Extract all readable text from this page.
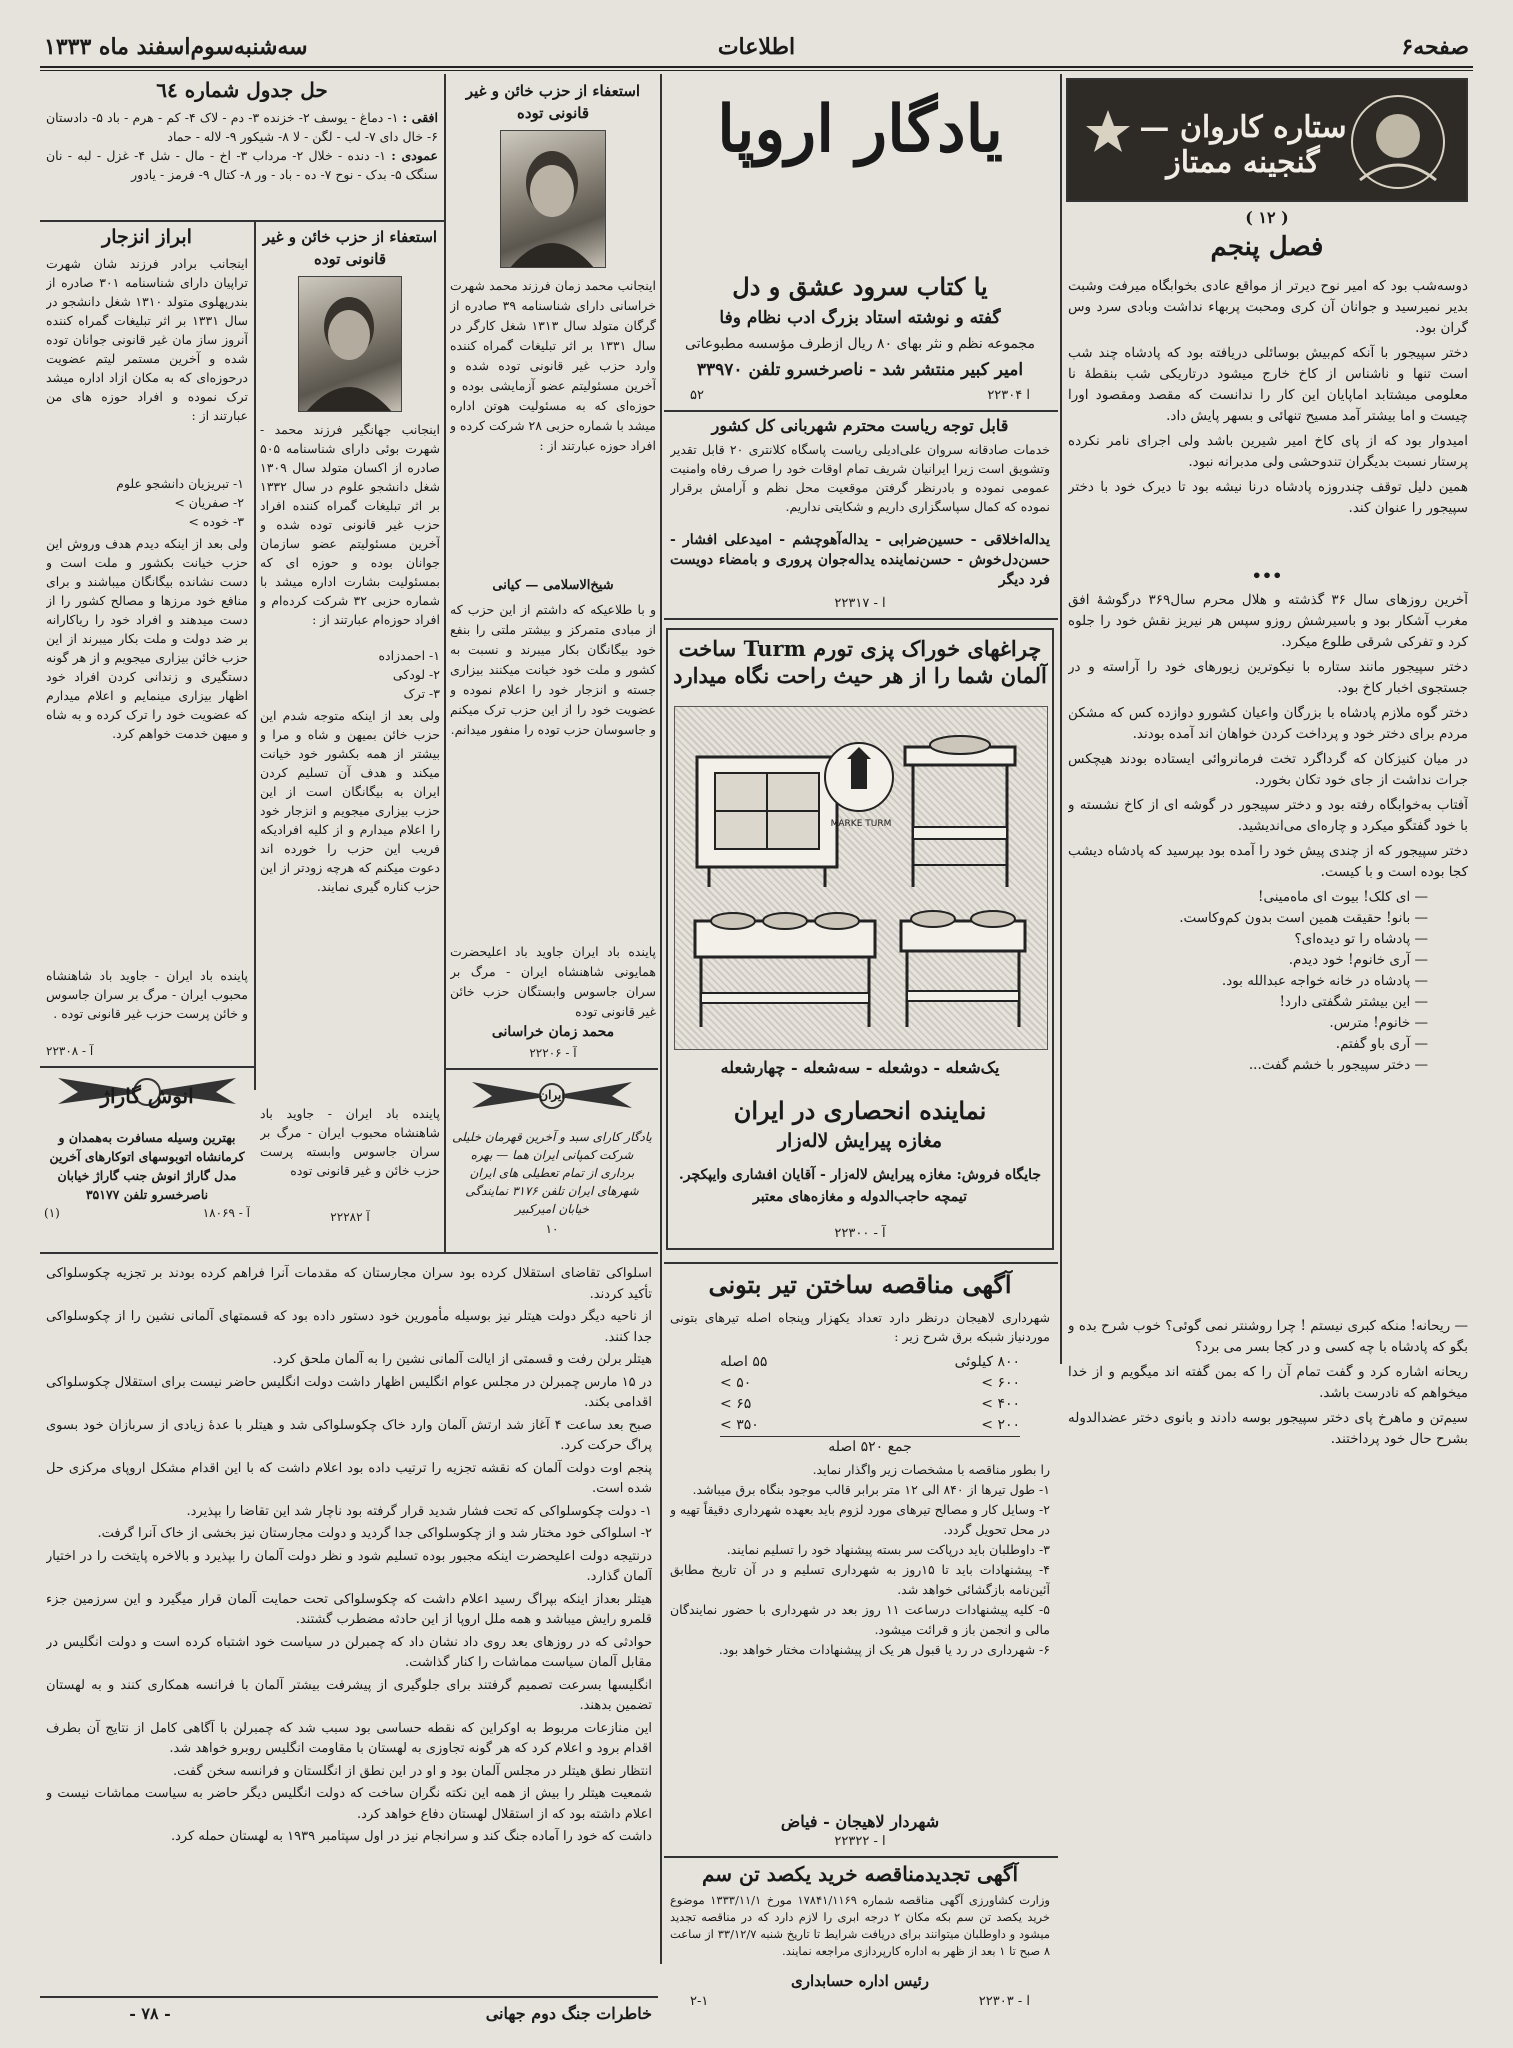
صفحه۶
اطلاعات
سه‌شنبه‌سوم‌اسفند ماه ۱۳۳۳
ستاره کاروان — گنجینه ممتاز
( ۱۲ )
فصل پنجم

دوسه‌شب بود که امیر نوح دیرتر از مواقع عادی بخوابگاه میرفت وشبت بدیر نمیرسید و جوانان آن کری ومحبت پربهاء نداشت وبادی سرد وس گران بود.

دختر سپیجور با آنکه کم‌بیش بوسائلی دریافته بود که پادشاه چند شب است تنها و ناشناس از کاخ خارج میشود درتاریکی شب بنقطهٔ نا معلومی میشتابد اماپایان این کار را ندانست که مقصد ومقصود اورا چیست و اما بیشتر آمد مسیح تنهائی و بسهر پایش داد.

امیدوار بود که از پای کاخ امیر شیرین باشد ولی اجرای نامر نکرده پرستار نسبت بدیگران تندوحشی ولی مدبرانه نبود.

همین دلیل توقف چندروزه پادشاه درنا نیشه بود تا دیرک خود با دختر سپیجور را عنوان کند.

•••

آخرین روزهای سال ۳۶ گذشته و هلال محرم سال۳۶۹ درگوشهٔ افق مغرب آشکار بود و باسیرشش روزو سپس هر نیریز نقش خود را جلوه کرد و تفرکی شرقی طلوع میکرد.

دختر سپیجور مانند ستاره با نیکوترین زیورهای خود را آراسته و در جستجوی اخبار کاخ بود.

دختر گوه ملازم پادشاه با بزرگان واعیان کشورو دوازده کس که مشکن مردم برای دختر خود و پرداخت کردن خواهان اند آمده بودند.

در میان کنیزکان که گرداگرد تخت فرمانروائی ایستاده بودند هیچکس جرات نداشت از جای خود تکان بخورد.

آفتاب به‌خوابگاه رفته بود و دختر سپیجور در گوشه ای از کاخ نشسته و با خود گفتگو میکرد و چاره‌ای می‌اندیشید.

دختر سپیجور که از چندی پیش خود را آمده بود بپرسید که پادشاه دیشب کجا بوده است و با کیست.

— ای کلک! بیوت ای ماه‌مینی!
— بانو! حقیقت همین است بدون کم‌وکاست.
— پادشاه را تو دیده‌ای؟
— آری خانوم! خود دیدم.
— پادشاه در خانه خواجه عبدالله بود.
— این بیشتر شگفتی دارد!
— خانوم! مترس.
— آری باو گفتم.
— دختر سپیجور با خشم گفت...

— ریحانه! منکه کبری نیستم ! چرا روشنتر نمی گوئی؟ خوب شرح بده و بگو که پادشاه با چه کسی و در کجا بسر می برد؟

ریحانه اشاره کرد و گفت تمام آن را که بمن گفته اند میگویم و از خدا میخواهم که نادرست باشد.

سیم‌تن و ماهرخ پای دختر سپیجور بوسه دادند و بانوی دختر عضدالدوله بشرح حال خود پرداختند.

یادگار اروپا
یا کتاب سرود عشق و دل
گفته و نوشته استاد بزرگ ادب نظام وفا
مجموعه نظم و نثر بهای ۸۰ ریال ازطرف مؤسسه مطبوعاتی
امیر کبیر منتشر شد - ناصرخسرو تلفن ۳۳۹۷۰
آ ۲۲۳۰۴
۵۲
قابل توجه ریاست محترم شهربانی کل کشور
خدمات صادقانه سروان علی‌ادیلی ریاست پاسگاه کلانتری ۲۰ قابل تقدیر وتشویق است زیرا ایرانیان شریف تمام اوقات خود را صرف رفاه وامنیت عمومی نموده و بادرنظر گرفتن موقعیت محل نظم و آرامش برقرار نموده که کمال سپاسگزاری داریم و شکایتی نداریم.
یداله‌اخلاقی - حسین‌ضرابی - یداله‌آهو‌چشم - امیدعلی افشار - حسن‌دل‌خوش - حسن‌نماینده یداله‌جوان پروری و بامضاء دویست فرد دیگر
آ - ۲۲۳۱۷
چراغهای خوراک پزی تورم Turm ساخت
آلمان شما را از هر حیث راحت نگاه میدارد
MARKE TURM
یک‌شعله - دوشعله - سه‌شعله - چهارشعله
نماینده انحصاری در ایران
مغازه پیرایش لاله‌زار
جایگاه فروش: مغازه پیرایش لاله‌زار - آقایان افشاری وایپکچر. تیمچه حاجب‌الدوله و مغازه‌های معتبر
آ - ۲۲۳۰۰
آگهی مناقصه ساختن تیر بتونی
شهرداری لاهیجان درنظر دارد تعداد یکهزار وپنجاه اصله تیرهای بتونی موردنیاز شبکه برق شرح زیر :
۸۰۰ کیلوئی
۵۵ اصله
۶۰۰ >
۵۰ >
۴۰۰ >
۶۵ >
۲۰۰ >
۳۵۰ >
جمع ۵۲۰ اصله
را بطور مناقصه با مشخصات زیر واگذار نماید.
۱- طول تیرها از ۸۴۰ الی ۱۲ متر برابر قالب موجود بنگاه برق میباشد.
۲- وسایل کار و مصالح تیرهای مورد لزوم باید بعهده شهرداری دقیقاً تهیه و در محل تحویل گردد.
۳- داوطلبان باید درپاکت سر بسته پیشنهاد خود را تسلیم نمایند.
۴- پیشنهادات باید تا ۱۵روز به شهرداری تسلیم و در آن تاریخ مطابق آئین‌نامه بازگشائی خواهد شد.
۵- کلیه پیشنهادات درساعت ۱۱ روز بعد در شهرداری با حضور نمایندگان مالی و انجمن باز و قرائت میشود.
۶- شهرداری در رد یا قبول هر یک از پیشنهادات مختار خواهد بود.
شهردار لاهیجان - فیاض
ا - ۲۲۳۲۲
آگهی تجدیدمناقصه خرید یکصد تن سم
وزارت کشاورزی آگهی مناقصه شماره ۱۷۸۴۱/۱۱۶۹ مورخ ۱۳۳۳/۱۱/۱ موضوع خرید یکصد تن سم بکه مکان ۲ درجه ابری را لازم دارد که در مناقصه تجدید میشود و داوطلبان میتوانند برای دریافت شرایط تا تاریخ شنبه ۳۳/۱۲/۷ از ساعت ۸ صبح تا ۱ بعد از ظهر به اداره کارپردازی مراجعه نمایند.
رئیس اداره حسابداری
آ - ۲۲۳۰۳
۲-۱
استعفاء از حزب خائن و غیر قانونی توده
اینجانب محمد زمان فرزند محمد شهرت خراسانی دارای شناسنامه ۳۹ صادره از گرگان متولد سال ۱۳۱۳ شغل کارگر در سال ۱۳۳۱ بر اثر تبلیغات گمراه کننده وارد حزب غیر قانونی توده شده و آخرین مسئولیتم عضو آزمایشی بوده و حوزه‌ای که به مسئولیت هوتن اداره میشد با شماره حزبی ۲۸ شرکت کرده و افراد حوزه عبارتند از :
شیخ‌الاسلامی — کیانی
و با طلاعیکه که داشتم از این حزب که از مبادی متمرکز و بیشتر ملتی را بنفع خود بیگانگان بکار میبرند و نسبت به کشور و ملت خود خیانت میکنند بیزاری جسته و انزجار خود را اعلام نموده و عضویت خود را از این حزب ترک میکنم و جاسوسان حزب توده را منفور میدانم.
پاینده باد ایران جاوید باد اعلیحضرت همایونی شاهنشاه ایران - مرگ بر سران جاسوس وابستگان حزب خائن غیر قانونی توده
محمد زمان خراسانی
آ - ۲۲۲۰۶
ایران
یادگار کارای سبد و آخرین قهرمان خلیلی شرکت کمپانی ایران هما — بهره برداری از تمام تعطیلی های ایران شهرهای ایران تلفن ۳۱۷۶ نمایندگی خیابان امیرکبیر
۱۰
حل جدول شماره ٦٤
افقی : ۱- دماغ - یوسف ۲- خزنده ۳- دم - لاک ۴- کم - هرم - باد ۵- دادستان ۶- خال دای ۷- لب - لگن - لا ۸- شیکور ۹- لاله - حماد
عمودی : ۱- دنده - خلال ۲- مرداب ۳- اخ - مال - شل ۴- غزل - لبه - نان سنگک ۵- بدک - نوح ۷- ده - باد - ور ۸- کتال ۹- فرمز - یادور
استعفاء از حزب خائن و غیر قانونی توده
اینجانب جهانگیر فرزند محمد - شهرت بوئی دارای شناسنامه ۵۰۵ صادره از اکسان متولد سال ۱۳۰۹ شغل دانشجو علوم در سال ۱۳۳۲ بر اثر تبلیغات گمراه کننده افراد حزب غیر قانونی توده شده و آخرین مسئولیتم عضو سازمان جوانان بوده و حوزه ای که بمسئولیت بشارت اداره میشد با شماره حزبی ۳۲ شرکت کرده‌ام و افراد حوزه‌ام عبارتند از :
۱- احمدزاده
۲- لودکی
۳- ترک
ولی بعد از اینکه متوجه شدم این حزب خائن بمیهن و شاه و مرا و بیشتر از همه بکشور خود خیانت میکند و هدف آن تسلیم کردن ایران به بیگانگان است از این حزب بیزاری میجویم و انزجار خود را اعلام میدارم و از کلیه افرادیکه فریب این حزب را خورده اند دعوت میکنم که هرچه زودتر از این حزب کناره گیری نمایند.
پاینده باد ایران - جاوید باد شاهنشاه محبوب ایران - مرگ بر سران جاسوس وابسته پرست حزب خائن و غیر قانونی توده
آ ۲۲۲۸۲
ابراز انزجار
اینجانب برادر فرزند شان شهرت تراپیان دارای شناسنامه ۳۰۱ صادره از بندرپهلوی متولد ۱۳۱۰ شغل دانشجو در سال ۱۳۳۱ بر اثر تبلیغات گمراه کننده آنروز ساز مان غیر قانونی جوانان توده شده و آخرین مستمر لیتم عضویت درحوزه‌ای که به مکان ازاد اداره میشد ترک نموده و افراد حوزه های من عبارتند از :
۱- تبریزیان دانشجو علوم
۲- صفریان >
۳- خوده >
ولی بعد از اینکه دیدم هدف ورو‌ش این حزب خیانت بکشور و ملت است و دست نشانده بیگانگان میباشند و برای منافع خود مرزها و مصالح کشور را از دست میدهند و افراد خود را ریاکارانه بر ضد دولت و ملت بکار میبرند از این حزب خائن بیزاری میجویم و از هر گونه دستگیری و زندانی کردن افراد خود اظهار بیزاری مینمایم و اعلام میدارم که عضویت خود را ترک کرده و به شاه و میهن خدمت خواهم کرد.
پاینده باد ایران - جاوید باد شاهنشاه محبوب ایران - مرگ بر سران جاسوس و خائن پرست حزب غیر قانونی توده .
آ - ۲۲۳۰۸
انوش گاراژ
بهترین وسیله مسافرت به‌همدان و کرمانشاه اتوبوسهای اتوکارهای آخرین مدل گاراژ انوش جنب گاراژ خیابان ناصرخسرو تلفن ۳۵۱۷۷
آ - ۱۸۰۶۹
(۱)

اسلواکی تقاضای استقلال کرده بود سران مجارستان که مقدمات آنرا فراهم کرده بودند بر تجزیه چکوسلواکی تأکید کردند.

از ناحیه دیگر دولت هیتلر نیز بوسیله مأمورین خود دستور داده بود که قسمتهای آلمانی نشین را از چکوسلواکی جدا کنند.

هیتلر برلن رفت و قسمتی از ایالت آلمانی نشین را به آلمان ملحق کرد.

در ۱۵ مارس چمبرلن در مجلس عوام انگلیس اظهار داشت دولت انگلیس حاضر نیست برای استقلال چکوسلواکی اقدامی بکند.

صبح بعد ساعت ۴ آغاز شد ارتش آلمان وارد خاک چکوسلواکی شد و هیتلر با عدهٔ زیادی از سربازان خود بسوی پراگ حرکت کرد.

پنجم اوت دولت آلمان که نقشه تجزیه را ترتیب داده بود اعلام داشت که با این اقدام مشکل اروپای مرکزی حل شده است.

۱- دولت چکوسلواکی که تحت فشار شدید قرار گرفته بود ناچار شد این تقاضا را بپذیرد.

۲- اسلواکی خود مختار شد و از چکوسلواکی جدا گردید و دولت مجارستان نیز بخشی از خاک آنرا گرفت.

درنتیجه دولت اعلیحضرت اینکه مجبور بوده تسلیم شود و نظر دولت آلمان را بپذیرد و بالاخره پایتخت را در اختیار آلمان گذارد.

هیتلر بعداز اینکه بپراگ رسید اعلام داشت که چکوسلواکی تحت حمایت آلمان قرار میگیرد و این سرزمین جزء قلمرو رایش میباشد و همه ملل اروپا از این حادثه مضطرب گشتند.

حوادثی که در روزهای بعد روی داد نشان داد که چمبرلن در سیاست خود اشتباه کرده است و دولت انگلیس در مقابل آلمان سیاست مماشات را کنار گذاشت.

انگلیسها بسرعت تصمیم گرفتند برای جلوگیری از پیشرفت بیشتر آلمان با فرانسه همکاری کنند و به لهستان تضمین بدهند.

این منازعات مربوط به اوکراین که نقطه حساسی بود سبب شد که چمبرلن با آگاهی کامل از نتایج آن بطرف اقدام برود و اعلام کرد که هر گونه تجاوزی به لهستان با مقاومت انگلیس روبرو خواهد شد.

انتظار نطق هیتلر در مجلس آلمان بود و او در این نطق از انگلستان و فرانسه سخن گفت.

شمعیت هیتلر را بیش از همه این نکته نگران ساخت که دولت انگلیس دیگر حاضر به سیاست مماشات نیست و اعلام داشته بود که از استقلال لهستان دفاع خواهد کرد.

داشت که خود را آماده جنگ کند و سرانجام نیز در اول سپتامبر ۱۹۳۹ به لهستان حمله کرد.

خاطرات جنگ دوم جهانی
- ۷۸ -
